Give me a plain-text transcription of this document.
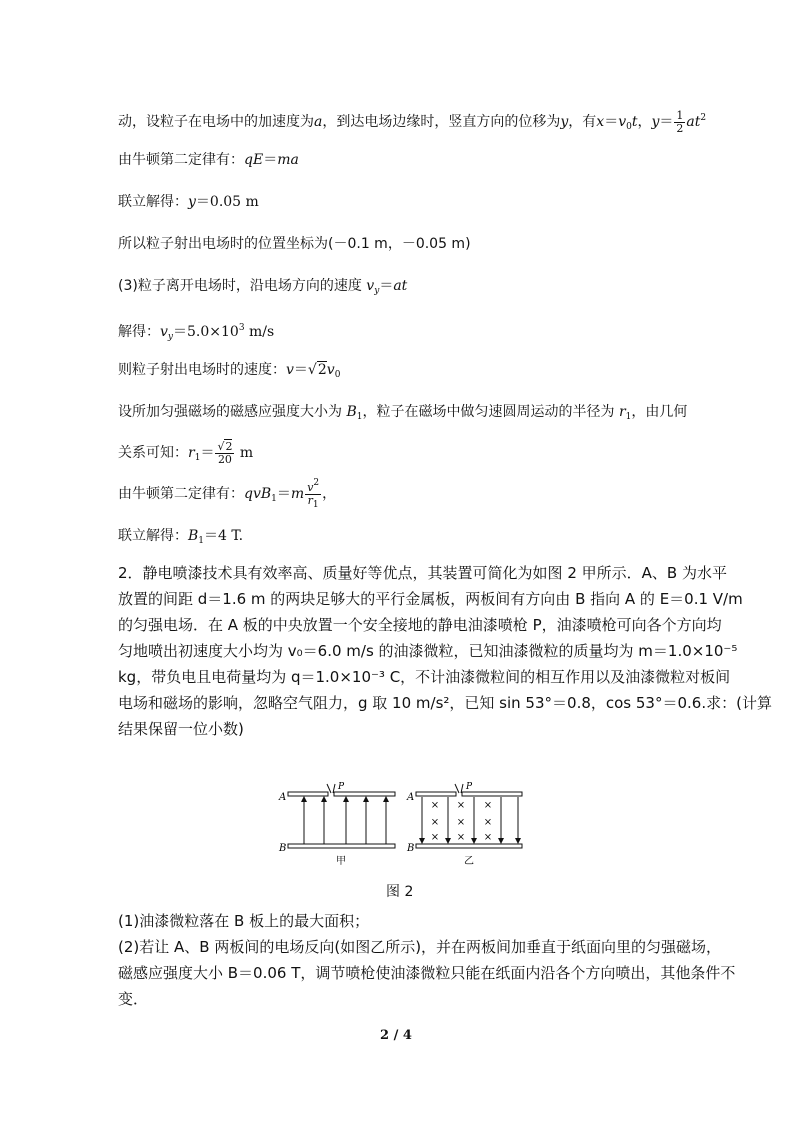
动，设粒子在电场中的加速度为a，到达电场边缘时，竖直方向的位移为y，有$x=v_0t$，$y= \frac{1}{2} at^2$
由牛顿第二定律有：qE＝ma
联立解得：y＝0.05 m
所以粒子射出电场时的位置坐标为(－0.1 m，－0.05 m)
(3)粒子离开电场时，沿电场方向的速度 $v_y=at$
解得：$v_y=5.0\times 10^3$ m/s
则粒子射出电场时的速度：$v=√2v_0$
设所加匀强磁场的磁感应强度大小为 $B_1$，粒子在磁场中做匀速圆周运动的半径为 $r_1$，由几何
关系可知：$r_1= \frac{√2}{20}$ m
由牛顿第二定律有：$qvB_1=m \frac{v^2}{r_1}$ ，
联立解得：$B_1=4$ T.
2．静电喷漆技术具有效率高、质量好等优点，其装置可简化为如图 2 甲所示．A、B 为水平
放置的间距 d＝1.6 m 的两块足够大的平行金属板，两板间有方向由 B 指向 A 的 E＝0.1 V/m
的匀强电场．在 A 板的中央放置一个安全接地的静电油漆喷枪 P，油漆喷枪可向各个方向均
匀地喷出初速度大小均为 v₀＝6.0 m/s 的油漆微粒，已知油漆微粒的质量均为 m＝1.0×10⁻⁵
kg，带负电且电荷量均为 q＝1.0×10⁻³ C，不计油漆微粒间的相互作用以及油漆微粒对板间
电场和磁场的影响，忽略空气阻力，g 取 10 m/s²，已知 sin 53°＝0.8，cos 53°＝0.6.求：(计算
结果保留一位小数)
A
P
B
甲
A
P
B
× × ×
× × ×
× × ×
乙
图 2
(1)油漆微粒落在 B 板上的最大面积；
(2)若让 A、B 两板间的电场反向(如图乙所示)，并在两板间加垂直于纸面向里的匀强磁场，
磁感应强度大小 B＝0.06 T，调节喷枪使油漆微粒只能在纸面内沿各个方向喷出，其他条件不
变．
2 / 4
